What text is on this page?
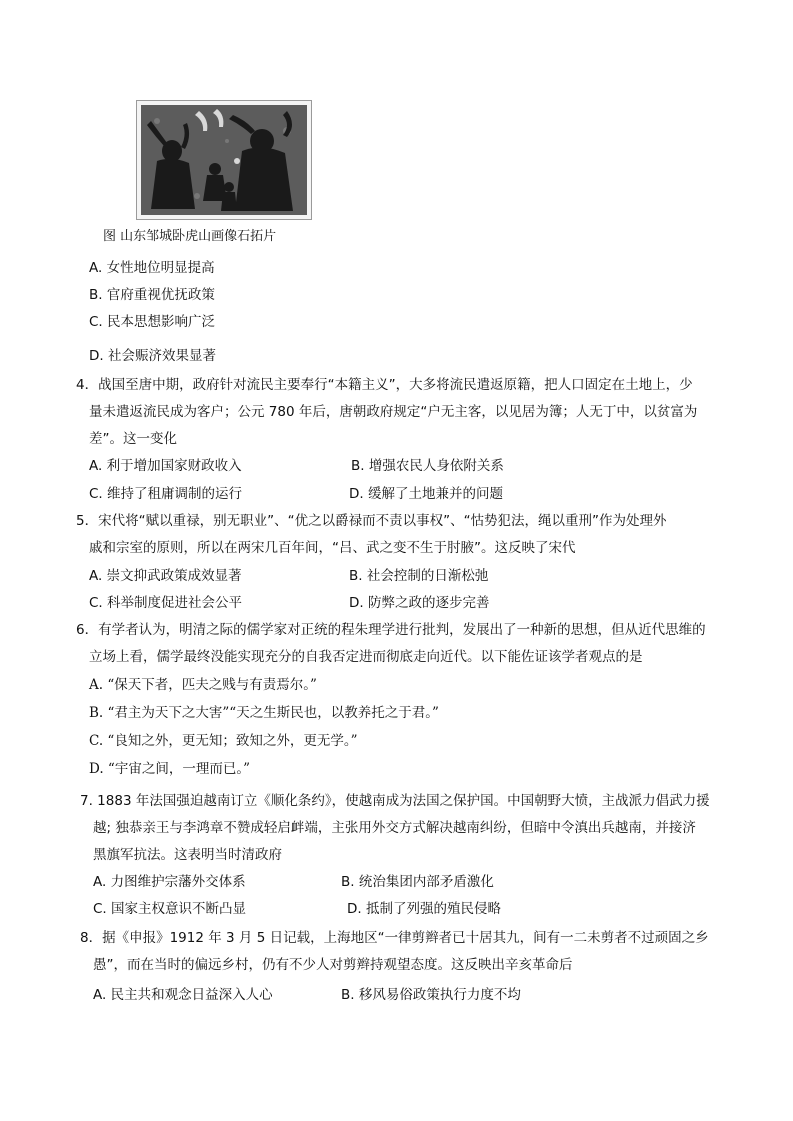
图 山东邹城卧虎山画像石拓片
A. 女性地位明显提高
B. 官府重视优抚政策
C. 民本思想影响广泛
D. 社会赈济效果显著
4．战国至唐中期，政府针对流民主要奉行“本籍主义”，大多将流民遣返原籍，把人口固定在土地上，少
量未遣返流民成为客户；公元 780 年后，唐朝政府规定“户无主客，以见居为簿；人无丁中，以贫富为
差”。这一变化
A. 利于增加国家财政收入	B. 增强农民人身依附关系
C. 维持了租庸调制的运行	D. 缓解了土地兼并的问题
5．宋代将“赋以重禄，别无职业”、“优之以爵禄而不责以事权”、“怙势犯法，绳以重刑”作为处理外
戚和宗室的原则，所以在两宋几百年间，“吕、武之变不生于肘腋”。这反映了宋代
A. 崇文抑武政策成效显著	B. 社会控制的日渐松弛
C. 科举制度促进社会公平	D. 防弊之政的逐步完善
6．有学者认为，明清之际的儒学家对正统的程朱理学进行批判，发展出了一种新的思想，但从近代思维的
立场上看，儒学最终没能实现充分的自我否定进而彻底走向近代。以下能佐证该学者观点的是
A. “保天下者，匹夫之贱与有责焉尔。”
B. “君主为天下之大害”“天之生斯民也，以教养托之于君。”
C. “良知之外，更无知；致知之外，更无学。”
D. “宇宙之间，一理而已。”
7. 1883 年法国强迫越南订立《顺化条约》，使越南成为法国之保护国。中国朝野大愤，主战派力倡武力援
越; 独恭亲王与李鸿章不赞成轻启衅端，主张用外交方式解决越南纠纷，但暗中令滇出兵越南，并接济
黑旗军抗法。这表明当时清政府
A. 力图维护宗藩外交体系	B. 统治集团内部矛盾激化
C. 国家主权意识不断凸显	D. 抵制了列强的殖民侵略
8．据《申报》1912 年 3 月 5 日记载，上海地区“一律剪辫者已十居其九，间有一二未剪者不过顽固之乡
愚”，而在当时的偏远乡村，仍有不少人对剪辫持观望态度。这反映出辛亥革命后
A. 民主共和观念日益深入人心	B. 移风易俗政策执行力度不均
